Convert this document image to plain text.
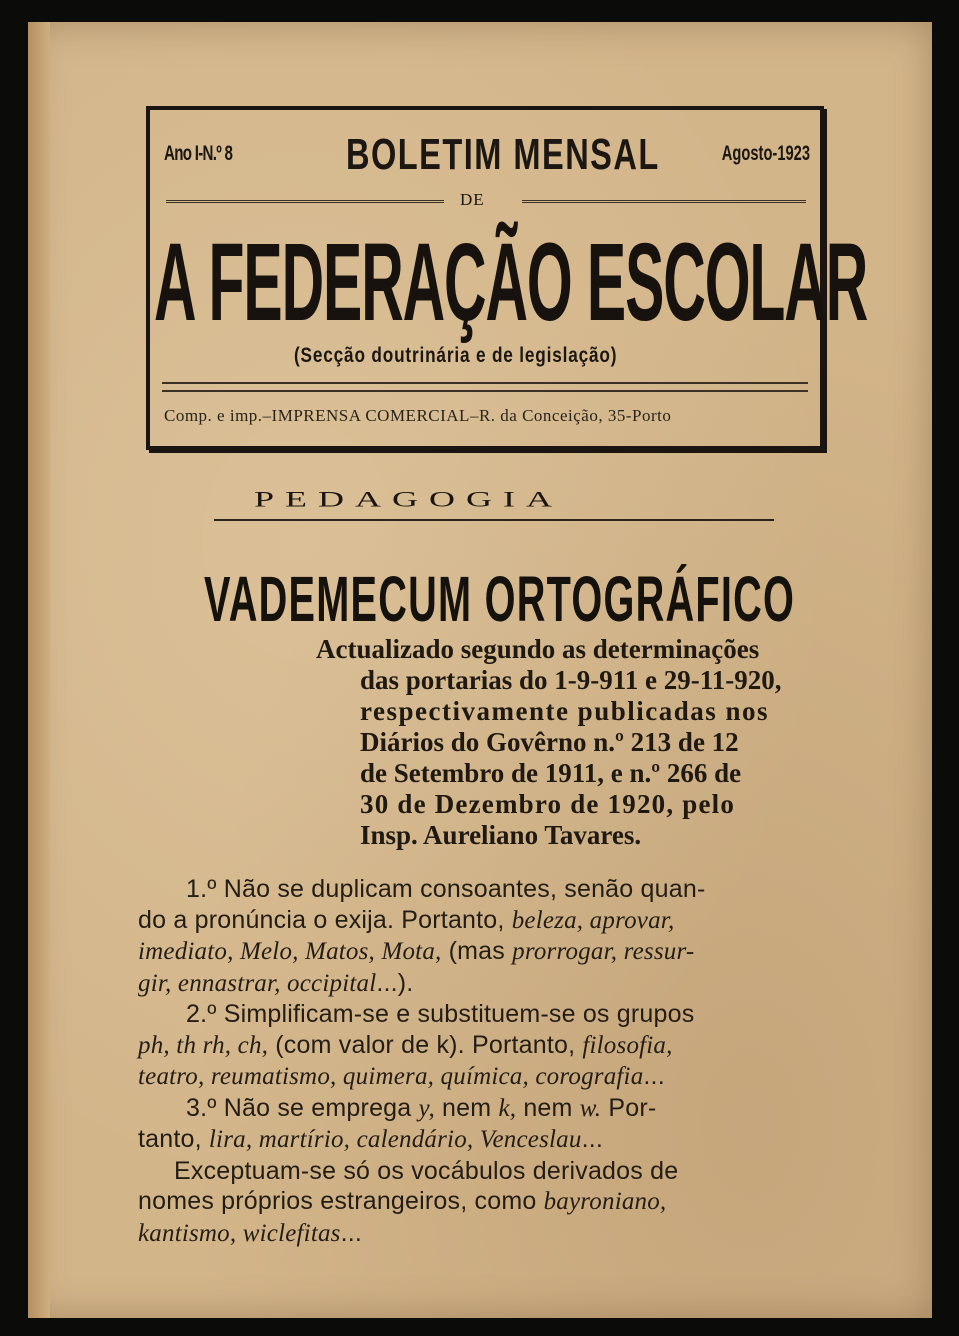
Ano I-N.º 8	BOLETIM MENSAL	Agosto-1923
DE
A FEDERAÇÃO ESCOLAR
(Secção doutrinária e de legislação)
Comp. e imp.–IMPRENSA COMERCIAL–R. da Conceição, 35-Porto
PEDAGOGIA
VADEMECUM ORTOGRÁFICO
Actualizado segundo as determinações
das portarias do 1-9-911 e 29-11-920,
respectivamente publicadas nos
Diários do Govêrno n.º 213 de 12
de Setembro de 1911, e n.º 266 de
30 de Dezembro de 1920, pelo
Insp. Aureliano Tavares.

1.º Não se duplicam consoantes, senão quan-

do a pronúncia o exija. Portanto, beleza, aprovar,

imediato, Melo, Matos, Mota, (mas prorrogar, ressur-

gir, ennastrar, occipital...).

2.º Simplificam-se e substituem-se os grupos

ph, th rh, ch, (com valor de k). Portanto, filosofia,

teatro, reumatismo, quimera, química, corografia...

3.º Não se emprega y, nem k, nem w. Por-

tanto, lira, martírio, calendário, Venceslau...

Exceptuam-se só os vocábulos derivados de

nomes próprios estrangeiros, como bayroniano,

kantismo, wiclefitas...
